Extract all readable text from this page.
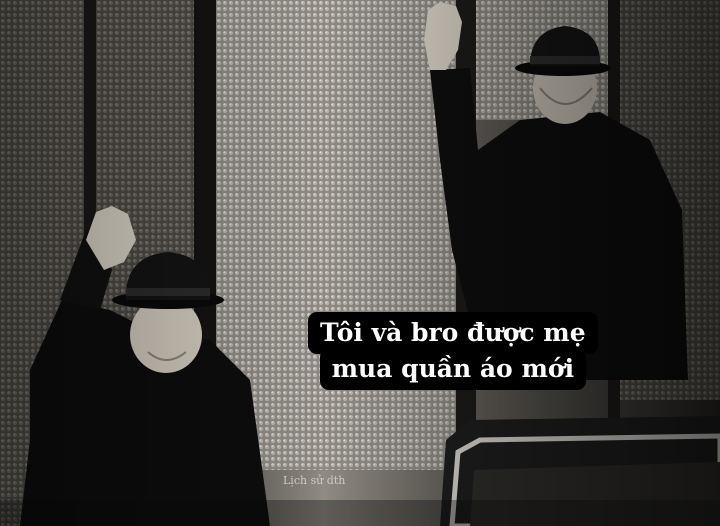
Tôi và bro được mẹ
mua quần áo mới
Lịch sử dth
